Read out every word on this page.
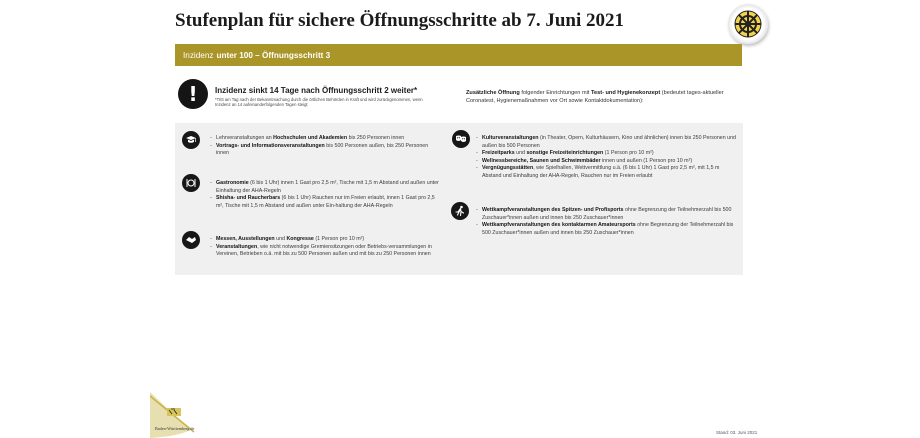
Stufenplan für sichere Öffnungsschritte ab 7. Juni 2021
Inzidenz unter 100 – Öffnungsschritt 3
!	Inzidenz sinkt 14 Tage nach Öffnungsschritt 2 weiter*
*Tritt am Tag nach der Bekanntmachung durch die örtlichen Behörden in Kraft und wird zurückgenommen, wenn Inzidenz an 14 aufeinanderfolgenden Tagen steigt
Zusätzliche Öffnung folgender Einrichtungen mit Test- und Hygienekonzept (bedeutet tages-aktueller Coronatest, Hygienemaßnahmen vor Ort sowie Kontaktdokumentation):

- Lehrveranstaltungen an Hochschulen und Akademien bis 250 Personen innen

- Vortrags- und Informationsveranstaltungen bis 500 Personen außen, bis 250 Personen innen

- Gastronomie (6 bis 1 Uhr) innen 1 Gast pro 2,5 m², Tische mit 1,5 m Abstand und außen unter Einhaltung der AHA-Regeln

- Shisha- und Raucherbars (6 bis 1 Uhr) Rauchen nur im Freien erlaubt, innen 1 Gast pro 2,5 m², Tische mit 1,5 m Abstand und außen unter Ein-haltung der AHA-Regeln

- Messen, Ausstellungen und Kongresse (1 Person pro 10 m²)

- Veranstaltungen, wie nicht notwendige Gremiensitzungen oder Betriebs-versammlungen in Vereinen, Betrieben o.ä. mit bis zu 500 Personen außen und mit bis zu 250 Personen innen

- Kulturveranstaltungen (in Theater, Opern, Kulturhäusern, Kino und ähnlichen) innen bis 250 Personen und außen bis 500 Personen

- Freizeitparks und sonstige Freizeiteinrichtungen (1 Person pro 10 m²)

- Wellnessbereiche, Saunen und Schwimmbäder innen und außen (1 Person pro 10 m²)

- Vergnügungsstätten, wie Spielhallen, Wettvermittlung u.ä. (6 bis 1 Uhr) 1 Gast pro 2,5 m², mit 1,5 m Abstand und Einhaltung der AHA-Regeln, Rauchen nur im Freien erlaubt

- Wettkampfveranstaltungen des Spitzen- und Profisports ohne Begrenzung der Teilnehmerzahl bis 500 Zuschauer*innen außen und innen bis 250 Zuschauer*innen

- Wettkampfveranstaltungen des kontaktarmen Amateursports ohne Begrenzung der Teilnehmerzahl bis 500 Zuschauer*innen außen und innen bis 250 Zuschauer*innen

Baden-Württemberg.de
Stand: 03. Juni 2021
